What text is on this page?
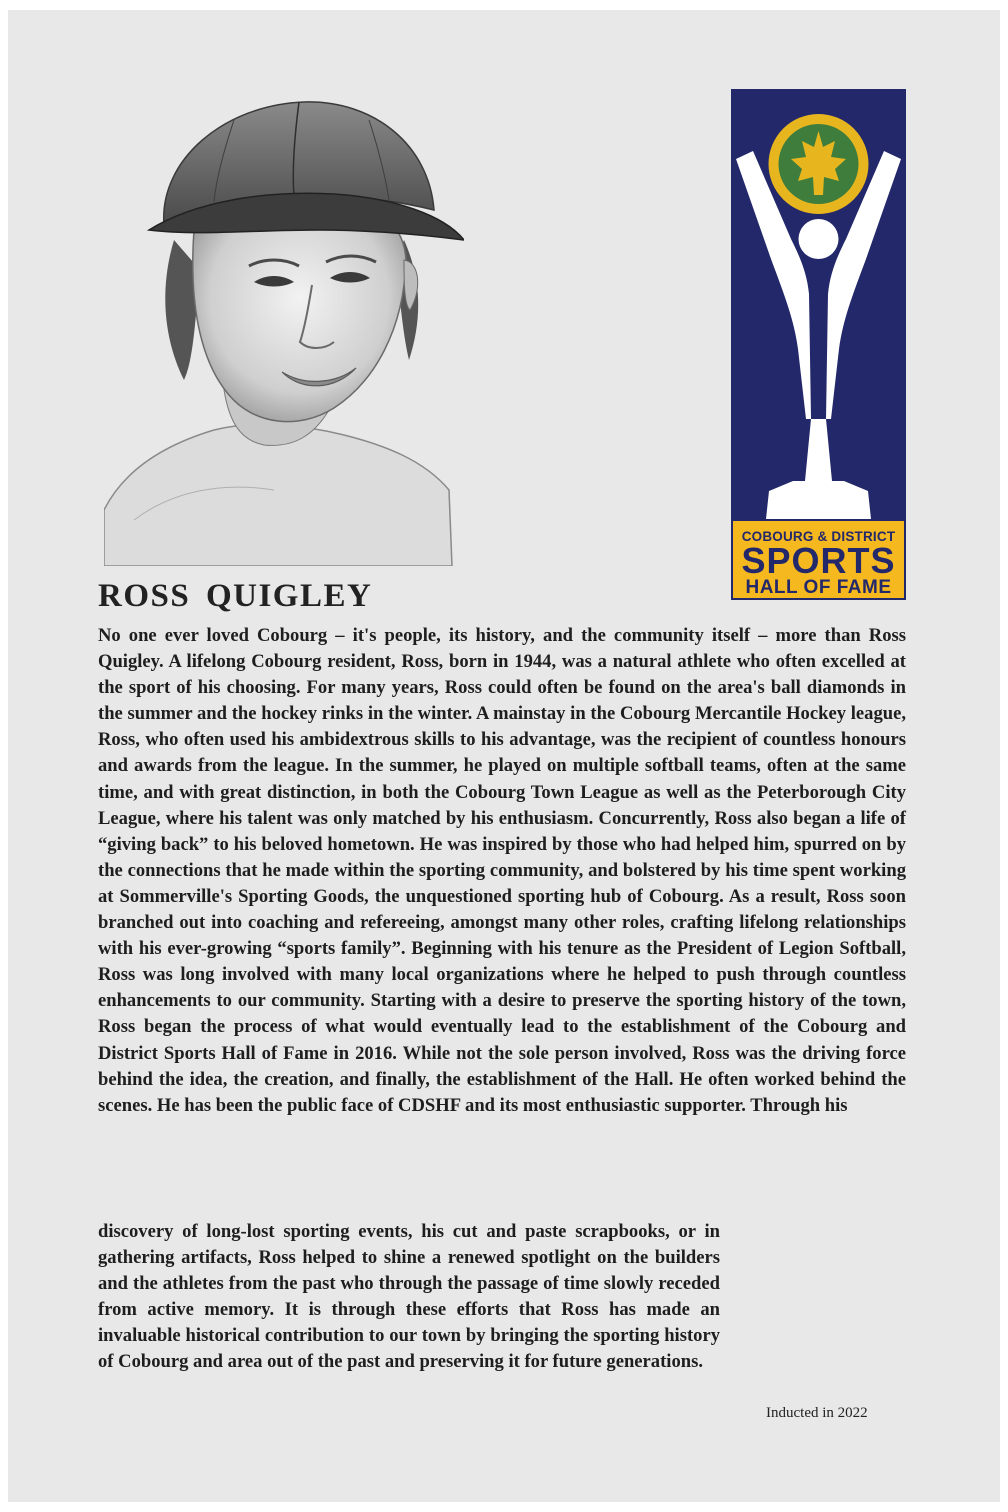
COBOURG & DISTRICT
SPORTS
HALL OF FAME
ROSS QUIGLEY

No one ever loved Cobourg – it's people, its history, and the community itself – more than Ross Quigley. A lifelong Cobourg resident, Ross, born in 1944, was a natural athlete who often excelled at the sport of his choosing. For many years, Ross could often be found on the area's ball diamonds in the summer and the hockey rinks in the winter. A mainstay in the Cobourg Mercantile Hockey league, Ross, who often used his ambidextrous skills to his advantage, was the recipient of countless honours and awards from the league. In the summer, he played on multiple softball teams, often at the same time, and with great distinction, in both the Cobourg Town League as well as the Peterborough City League, where his talent was only matched by his enthusiasm. Concurrently, Ross also began a life of “giving back” to his beloved hometown. He was inspired by those who had helped him, spurred on by the connections that he made within the sporting community, and bolstered by his time spent working at Sommerville's Sporting Goods, the unquestioned sporting hub of Cobourg. As a result, Ross soon branched out into coaching and refereeing, amongst many other roles, crafting lifelong relationships with his ever-growing “sports family”. Beginning with his tenure as the President of Legion Softball, Ross was long involved with many local organizations where he helped to push through countless enhancements to our community. Starting with a desire to preserve the sporting history of the town, Ross began the process of what would eventually lead to the establishment of the Cobourg and District Sports Hall of Fame in 2016. While not the sole person involved, Ross was the driving force behind the idea, the creation, and finally, the establishment of the Hall. He often worked behind the scenes. He has been the public face of CDSHF and its most enthusiastic supporter. Through his

discovery of long-lost sporting events, his cut and paste scrapbooks, or in gathering artifacts, Ross helped to shine a renewed spotlight on the builders and the athletes from the past who through the passage of time slowly receded from active memory. It is through these efforts that Ross has made an invaluable historical contribution to our town by bringing the sporting history of Cobourg and area out of the past and preserving it for future generations.

Inducted in 2022
